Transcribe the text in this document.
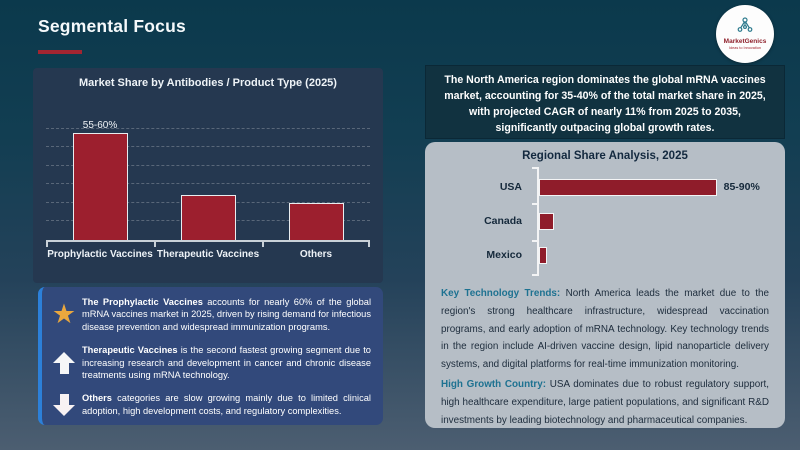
Segmental Focus
MarketGenics
Ideas to Innovation
Market Share by Antibodies / Product Type (2025)
55-60%
Prophylactic Vaccines Therapeutic Vaccines	Others
★ The Prophylactic Vaccines accounts for nearly 60% of the global mRNA vaccines market in 2025, driven by rising demand for infectious disease prevention and widespread immunization programs.
Therapeutic Vaccines is the second fastest growing segment due to increasing research and development in cancer and chronic disease treatments using mRNA technology.
Others categories are slow growing mainly due to limited clinical adoption, high development costs, and regulatory complexities.
The North America region dominates the global mRNA vaccines market, accounting for 35-40% of the total market share in 2025, with projected CAGR of nearly 11% from 2025 to 2035, significantly outpacing global growth rates.
Regional Share Analysis, 2025
USA	85-90%
Canada
Mexico

Key Technology Trends: North America leads the market due to the region's strong healthcare infrastructure, widespread vaccination programs, and early adoption of mRNA technology. Key technology trends in the region include AI-driven vaccine design, lipid nanoparticle delivery systems, and digital platforms for real-time immunization monitoring.

High Growth Country: USA dominates due to robust regulatory support, high healthcare expenditure, large patient populations, and significant R&D investments by leading biotechnology and pharmaceutical companies.
